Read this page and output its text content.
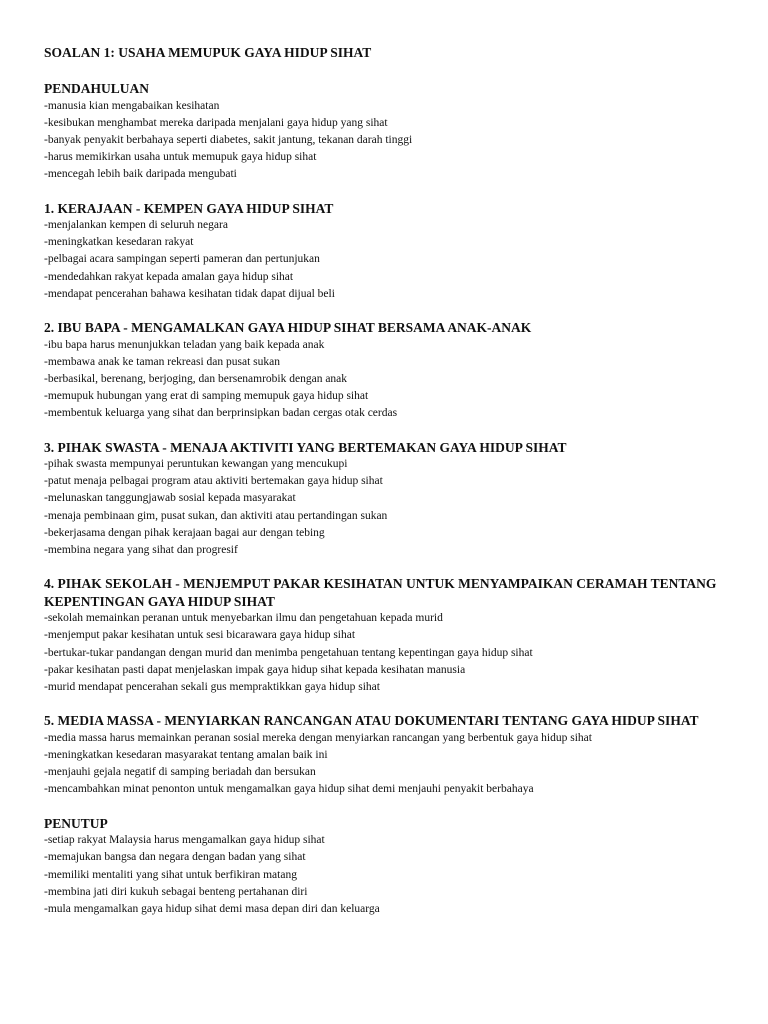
SOALAN 1: USAHA MEMUPUK GAYA HIDUP SIHAT
PENDAHULUAN
-manusia kian mengabaikan kesihatan
-kesibukan menghambat mereka daripada menjalani gaya hidup yang sihat
-banyak penyakit berbahaya seperti diabetes, sakit jantung, tekanan darah tinggi
-harus memikirkan usaha untuk memupuk gaya hidup sihat
-mencegah lebih baik daripada mengubati
1. KERAJAAN - KEMPEN GAYA HIDUP SIHAT
-menjalankan kempen di seluruh negara
-meningkatkan kesedaran rakyat
-pelbagai acara sampingan seperti pameran dan pertunjukan
-mendedahkan rakyat kepada amalan gaya hidup sihat
-mendapat pencerahan bahawa kesihatan tidak dapat dijual beli
2. IBU BAPA - MENGAMALKAN GAYA HIDUP SIHAT BERSAMA ANAK-ANAK
-ibu bapa harus menunjukkan teladan yang baik kepada anak
-membawa anak ke taman rekreasi dan pusat sukan
-berbasikal, berenang, berjoging, dan bersenamrobik dengan anak
-memupuk hubungan yang erat di samping memupuk gaya hidup sihat
-membentuk keluarga yang sihat dan berprinsipkan badan cergas otak cerdas
3. PIHAK SWASTA - MENAJA AKTIVITI YANG BERTEMAKAN GAYA HIDUP SIHAT
-pihak swasta mempunyai peruntukan kewangan yang mencukupi
-patut menaja pelbagai program atau aktiviti bertemakan gaya hidup sihat
-melunaskan tanggungjawab sosial kepada masyarakat
-menaja pembinaan gim, pusat sukan, dan aktiviti atau pertandingan sukan
-bekerjasama dengan pihak kerajaan bagai aur dengan tebing
-membina negara yang sihat dan progresif
4. PIHAK SEKOLAH - MENJEMPUT PAKAR KESIHATAN UNTUK MENYAMPAIKAN CERAMAH TENTANG KEPENTINGAN GAYA HIDUP SIHAT
-sekolah memainkan peranan untuk menyebarkan ilmu dan pengetahuan kepada murid
-menjemput pakar kesihatan untuk sesi bicarawara gaya hidup sihat
-bertukar-tukar pandangan dengan murid dan menimba pengetahuan tentang kepentingan gaya hidup sihat
-pakar kesihatan pasti dapat menjelaskan impak gaya hidup sihat kepada kesihatan manusia
-murid mendapat pencerahan sekali gus mempraktikkan gaya hidup sihat
5. MEDIA MASSA - MENYIARKAN RANCANGAN ATAU DOKUMENTARI TENTANG GAYA HIDUP SIHAT
-media massa harus memainkan peranan sosial mereka dengan menyiarkan rancangan yang berbentuk gaya hidup sihat
-meningkatkan kesedaran masyarakat tentang amalan baik ini
-menjauhi gejala negatif di samping beriadah dan bersukan
-mencambahkan minat penonton untuk mengamalkan gaya hidup sihat demi menjauhi penyakit berbahaya
PENUTUP
-setiap rakyat Malaysia harus mengamalkan gaya hidup sihat
-memajukan bangsa dan negara dengan badan yang sihat
-memiliki mentaliti yang sihat untuk berfikiran matang
-membina jati diri kukuh sebagai benteng pertahanan diri
-mula mengamalkan gaya hidup sihat demi masa depan diri dan keluarga
